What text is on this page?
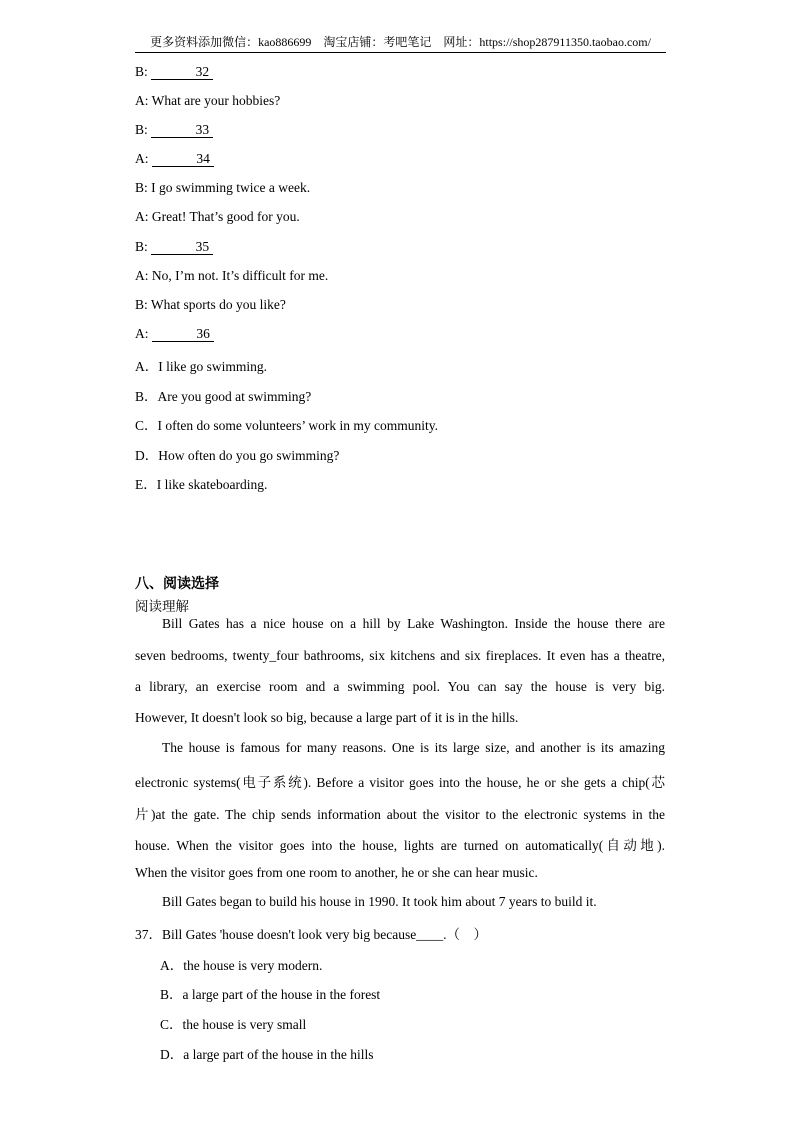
更多资料添加微信：kao886699　淘宝店铺：考吧笔记　网址：https://shop287911350.taobao.com/
B:	32
A: What are your hobbies?
B:	33
A:	34
B: I go swimming twice a week.
A: Great! That’s good for you.
B:	35
A: No, I’m not. It’s difficult for me.
B: What sports do you like?
A:	36
A．I like go swimming.
B．Are you good at swimming?
C．I often do some volunteers’ work in my community.
D．How often do you go swimming?
E．I like skateboarding.
八、阅读选择
阅读理解
Bill Gates has a nice house on a hill by Lake Washington. Inside the house there are
seven bedrooms, twenty_four bathrooms, six kitchens and six fireplaces. It even has a theatre,
a library, an exercise room and a swimming pool. You can say the house is very big.
However, It doesn't look so big, because a large part of it is in the hills.
The house is famous for many reasons. One is its large size, and another is its amazing
electronic systems(电子系统). Before a visitor goes into the house, he or she gets a chip(芯
片)at the gate. The chip sends information about the visitor to the electronic systems in the
house. When the visitor goes into the house, lights are turned on automatically(自动地).
When the visitor goes from one room to another, he or she can hear music.
Bill Gates began to build his house in 1990. It took him about 7 years to build it.
37．Bill Gates 'house doesn't look very big because____.（　）
A．the house is very modern.
B．a large part of the house in the forest
C．the house is very small
D．a large part of the house in the hills
